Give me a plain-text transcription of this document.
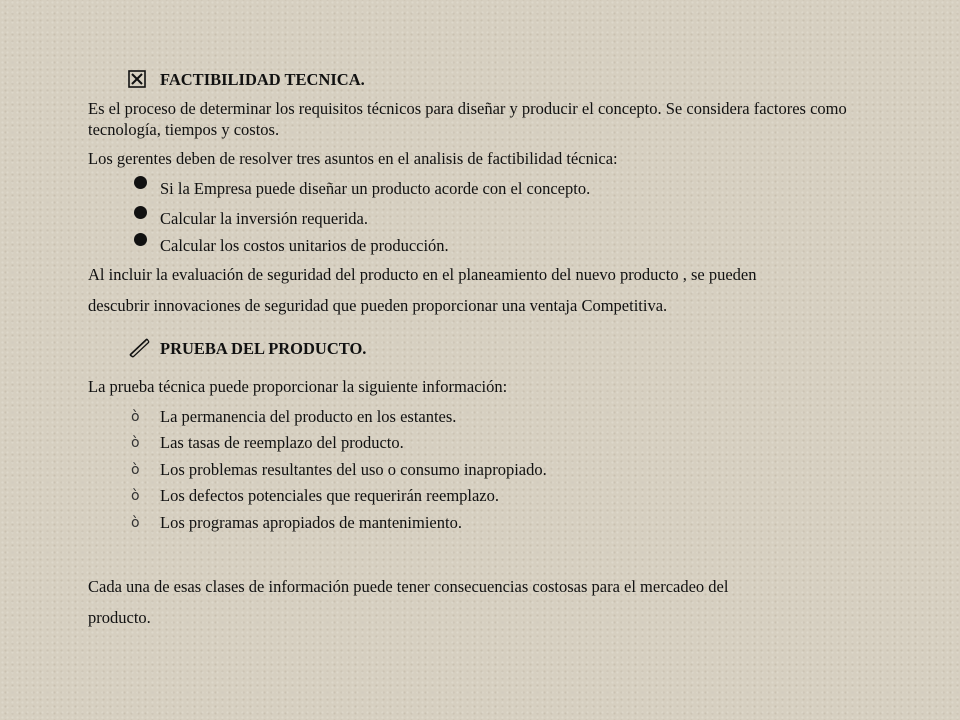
FACTIBILIDAD TECNICA.
Es el proceso de determinar los requisitos técnicos para diseñar y producir el concepto. Se considera factores como tecnología, tiempos y costos.
Los gerentes deben de resolver tres asuntos en el analisis de factibilidad técnica:
Si la Empresa puede diseñar un producto acorde con el concepto.
Calcular la inversión requerida.
Calcular los costos unitarios de producción.
Al incluir la evaluación de seguridad del producto en el planeamiento del nuevo producto , se pueden
descubrir innovaciones de seguridad que pueden proporcionar una ventaja Competitiva.
PRUEBA DEL PRODUCTO.
La prueba técnica puede proporcionar la siguiente información:
ò La permanencia del producto en los estantes.
ò Las tasas de reemplazo del producto.
ò Los problemas resultantes del uso o consumo inapropiado.
ò Los defectos potenciales que requerirán reemplazo.
ò Los programas apropiados de mantenimiento.
Cada una de esas clases de información puede tener consecuencias costosas para el mercadeo del
producto.
